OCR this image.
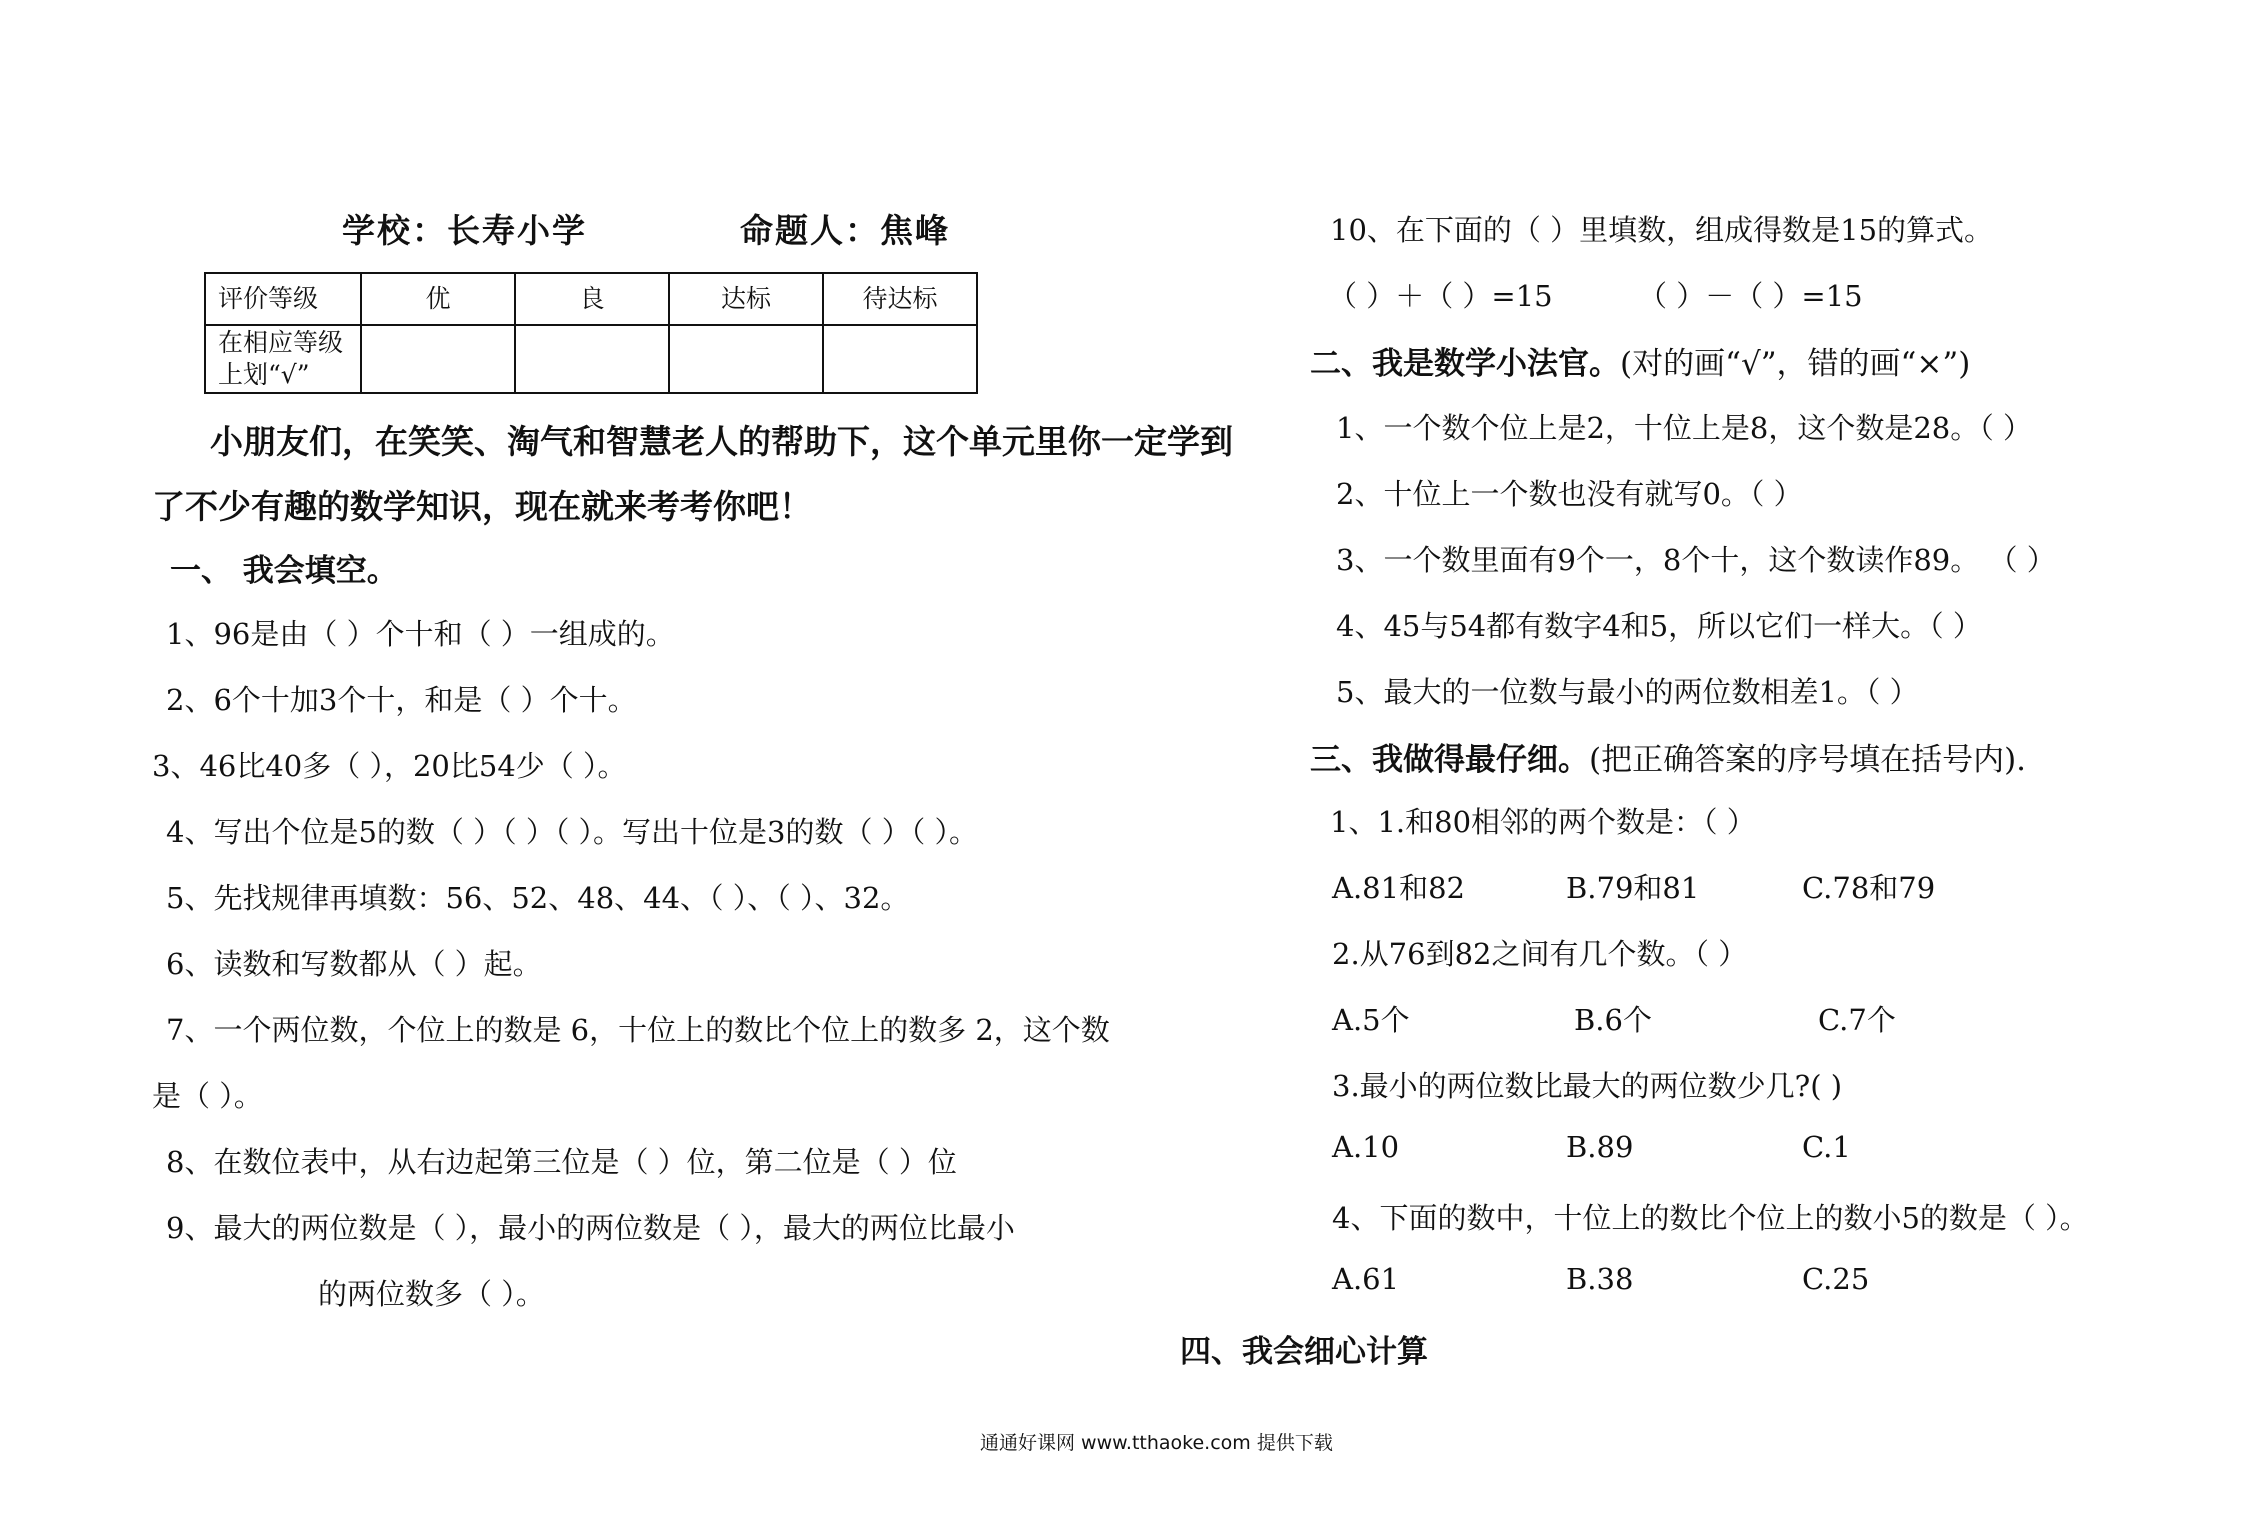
学校：长寿小学	命题人：焦峰
评价等级	优	良	达标	待达标

在相应等级
上划“√”				

小朋友们，在笑笑、淘气和智慧老人的帮助下，这个单元里你一定学到
了不少有趣的数学知识，现在就来考考你吧！
一、 我会填空。
1、96是由（ ）个十和（ ）一组成的。
2、6个十加3个十，和是（ ）个十。
3、46比40多（ ），20比54少（ ）。
4、写出个位是5的数（ ）（ ）（ ）。写出十位是3的数（ ）（ ）。
5、先找规律再填数：56、52、48、44、（ ）、（ ）、32。
6、读数和写数都从（ ）起。
7、一个两位数，个位上的数是 6，十位上的数比个位上的数多 2，这个数
是（ ）。
8、在数位表中，从右边起第三位是（ ）位，第二位是（ ）位
9、最大的两位数是（ ），最小的两位数是（ ），最大的两位比最小
的两位数多（ ）。
10、在下面的（ ）里填数，组成得数是15的算式。
（ ）＋（ ）=15	（ ）－（ ）=15
二、我是数学小法官。(对的画“√”，错的画“×”)
1、一个数个位上是2，十位上是8，这个数是28。（ ）
2、十位上一个数也没有就写0。（ ）
3、一个数里面有9个一，8个十，这个数读作89。 （ ）
4、45与54都有数字4和5，所以它们一样大。（ ）
5、最大的一位数与最小的两位数相差1。（ ）
三、我做得最仔细。(把正确答案的序号填在括号内).
1、1.和80相邻的两个数是：（ ）
A.81和82	B.79和81	C.78和79
2.从76到82之间有几个数。（ ）
A.5个	B.6个	C.7个
3.最小的两位数比最大的两位数少几?( )
A.10	B.89	C.1
4、下面的数中，十位上的数比个位上的数小5的数是（ ）。
A.61	B.38	C.25
四、我会细心计算
通通好课网 www.tthaoke.com 提供下载
